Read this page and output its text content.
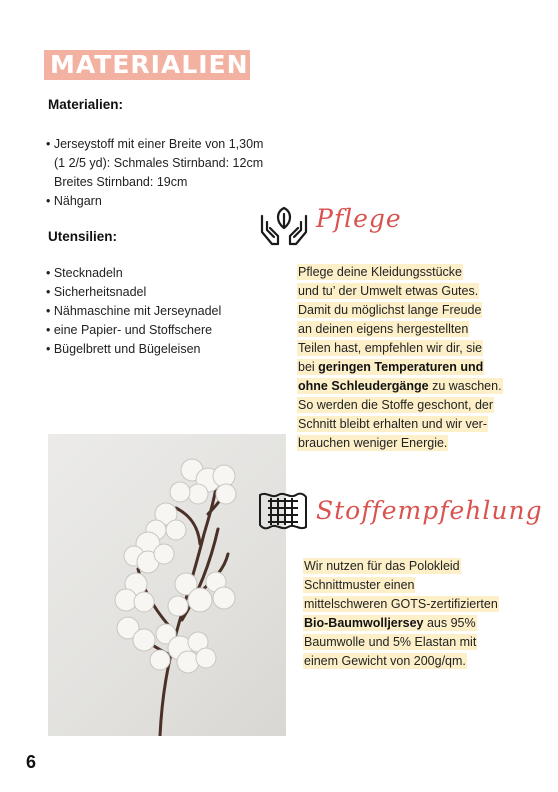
MATERIALIEN
Materialien:
• Jerseystoff mit einer Breite von 1,30m
(1 2/5 yd): Schmales Stirnband: 12cm
Breites Stirnband: 19cm
• Nähgarn
Utensilien:
• Stecknadeln
• Sicherheitsnadel
• Nähmaschine mit Jerseynadel
• eine Papier- und Stoffschere
• Bügelbrett und Bügeleisen
Pflege
Pflege deine Kleidungsstücke
und tu’ der Umwelt etwas Gutes.
Damit du möglichst lange Freude
an deinen eigens hergestellten
Teilen hast, empfehlen wir dir, sie
bei geringen Temperaturen und
ohne Schleudergänge zu waschen.
So werden die Stoffe geschont, der
Schnitt bleibt erhalten und wir ver-
brauchen weniger Energie.
Stoffempfehlung
Wir nutzen für das Polokleid
Schnittmuster einen
mittelschweren GOTS-zertifizierten
Bio-Baumwolljersey aus 95%
Baumwolle und 5% Elastan mit
einem Gewicht von 200g/qm.
6
